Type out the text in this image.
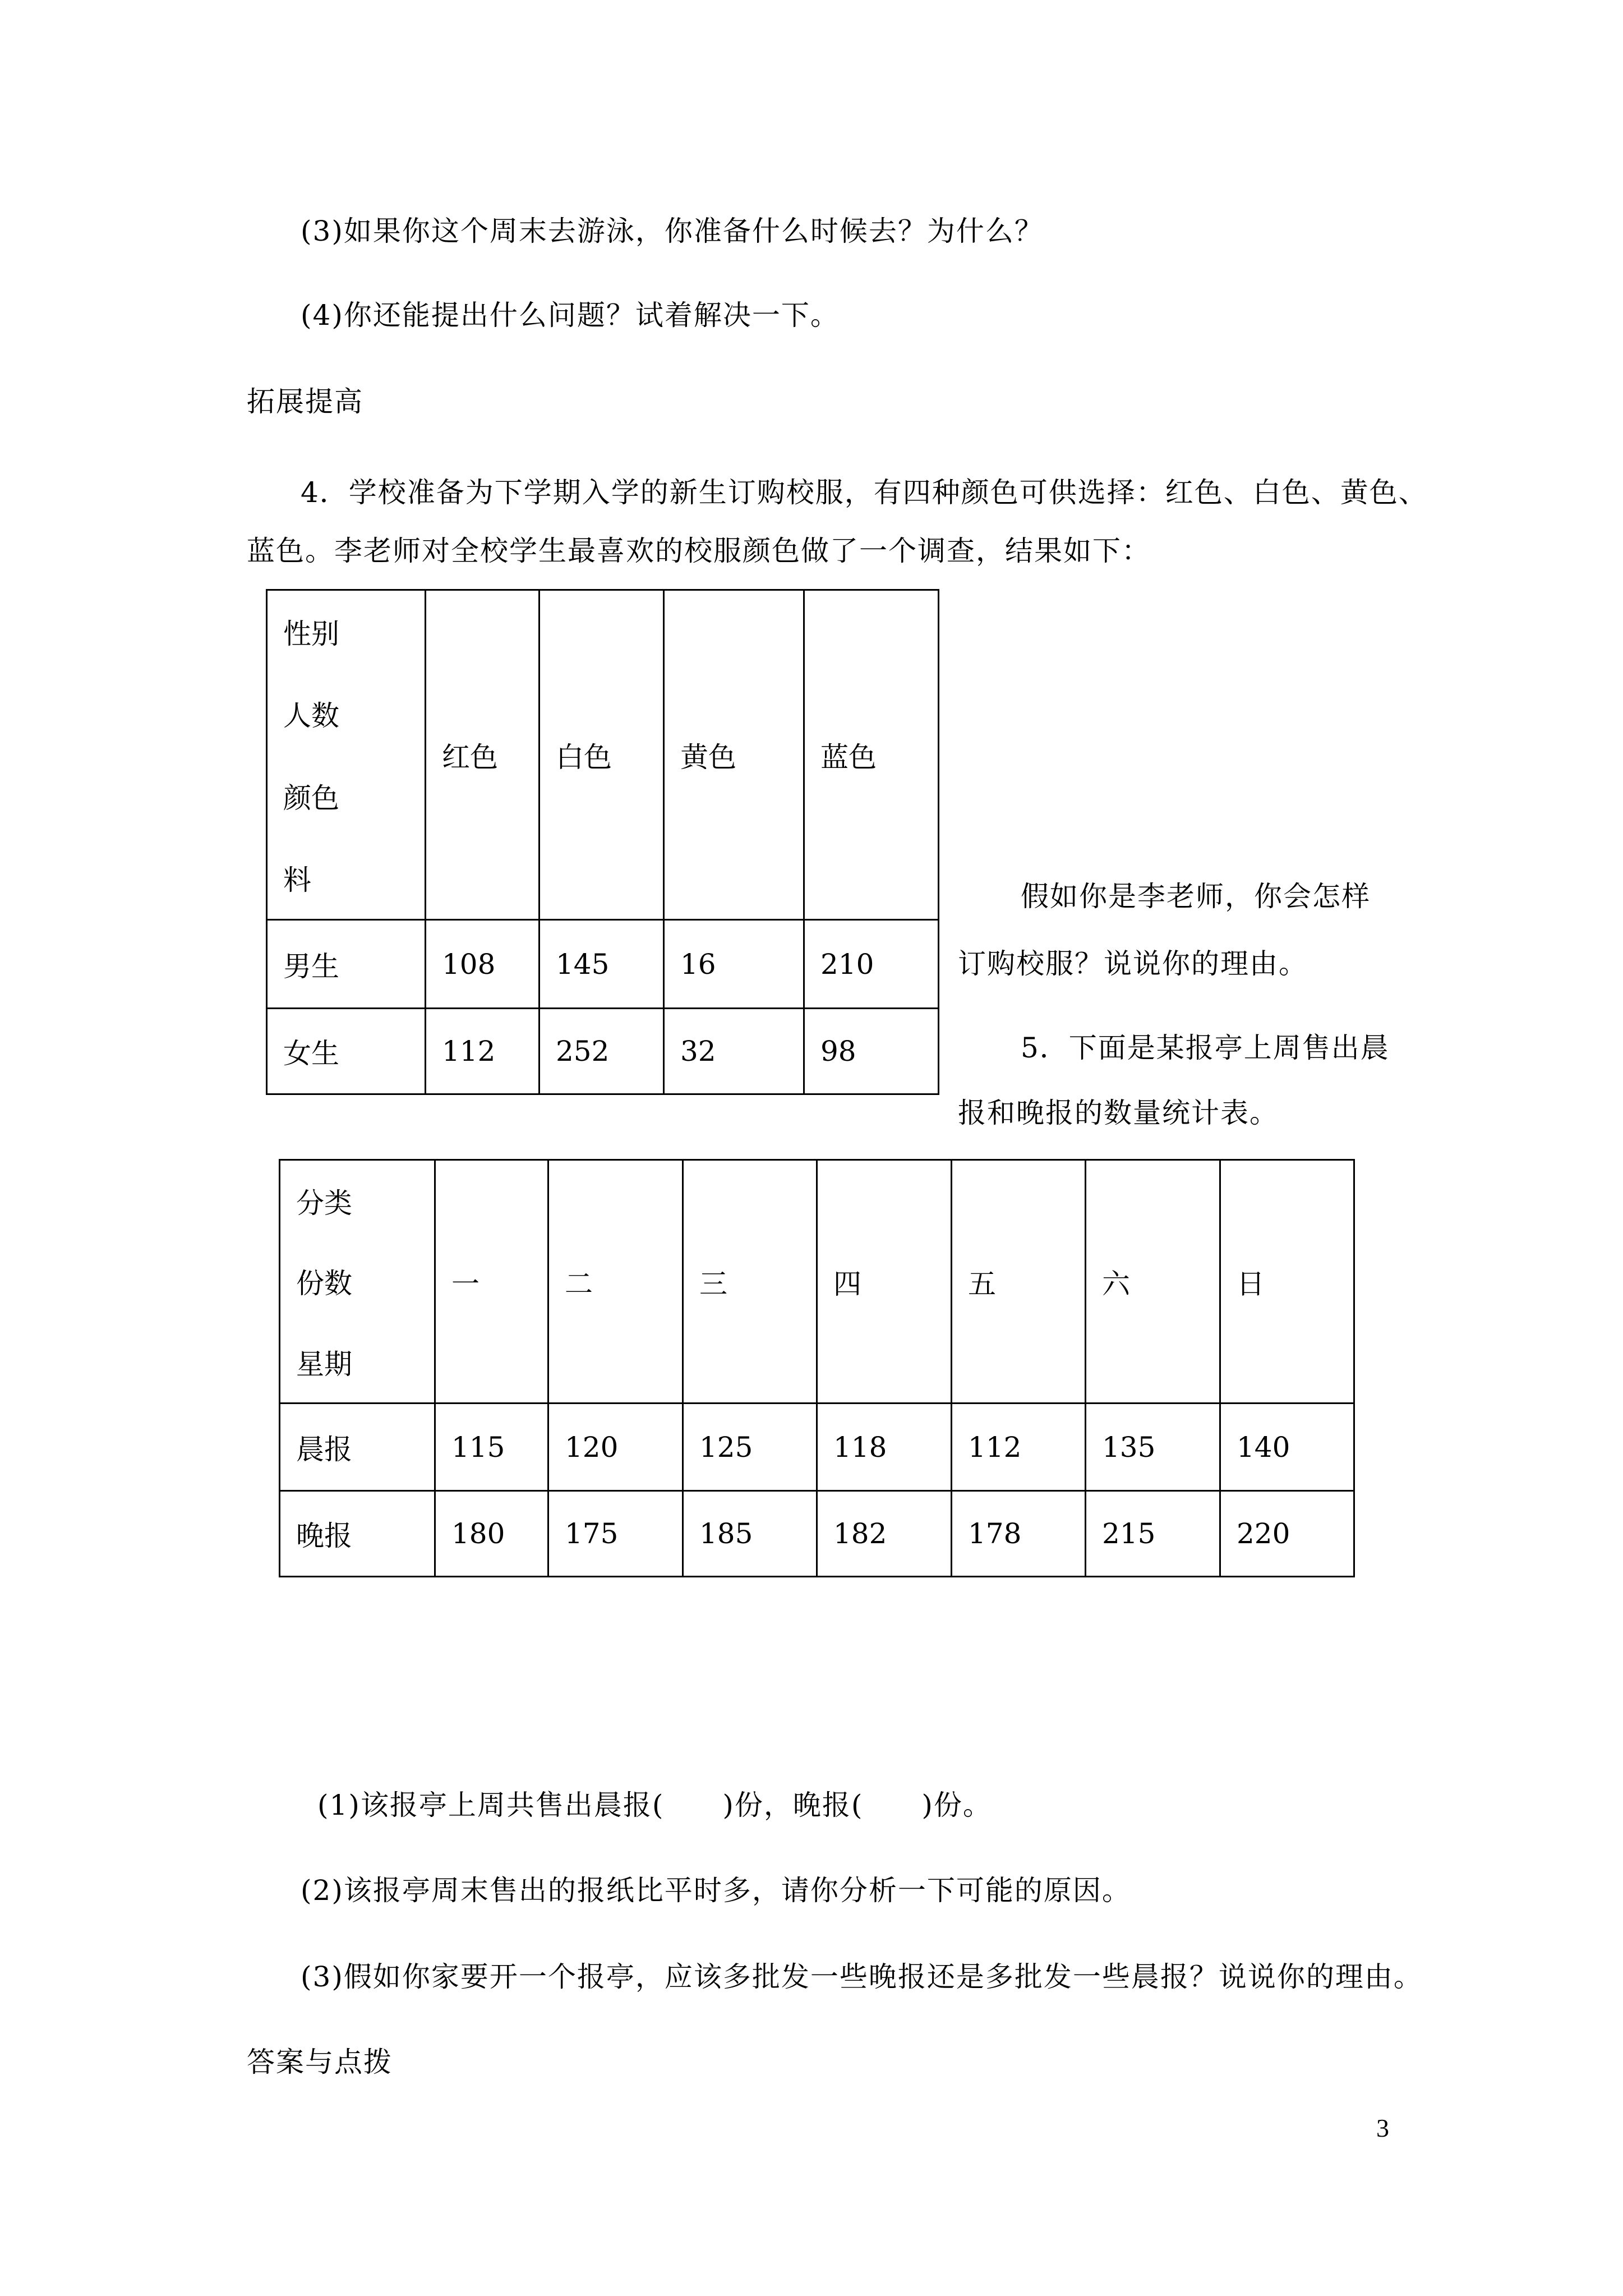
(3)如果你这个周末去游泳，你准备什么时候去？为什么？
(4)你还能提出什么问题？试着解决一下。
拓展提高
4．学校准备为下学期入学的新生订购校服，有四种颜色可供选择：红色、白色、黄色、
蓝色。李老师对全校学生最喜欢的校服颜色做了一个调查，结果如下：
性别
人数
颜色
料	红色	白色	黄色	蓝色
男生	108	145	16	210
女生	112	252	32	98
假如你是李老师，你会怎样
订购校服？说说你的理由。
5．下面是某报亭上周售出晨
报和晚报的数量统计表。
分类
份数
星期	一	二	三	四	五	六	日
晨报	115	120	125	118	112	135	140
晚报	180	175	185	182	178	215	220
(1)该报亭上周共售出晨报(　　)份，晚报(　　)份。
(2)该报亭周末售出的报纸比平时多，请你分析一下可能的原因。
(3)假如你家要开一个报亭，应该多批发一些晚报还是多批发一些晨报？说说你的理由。
答案与点拨
3
